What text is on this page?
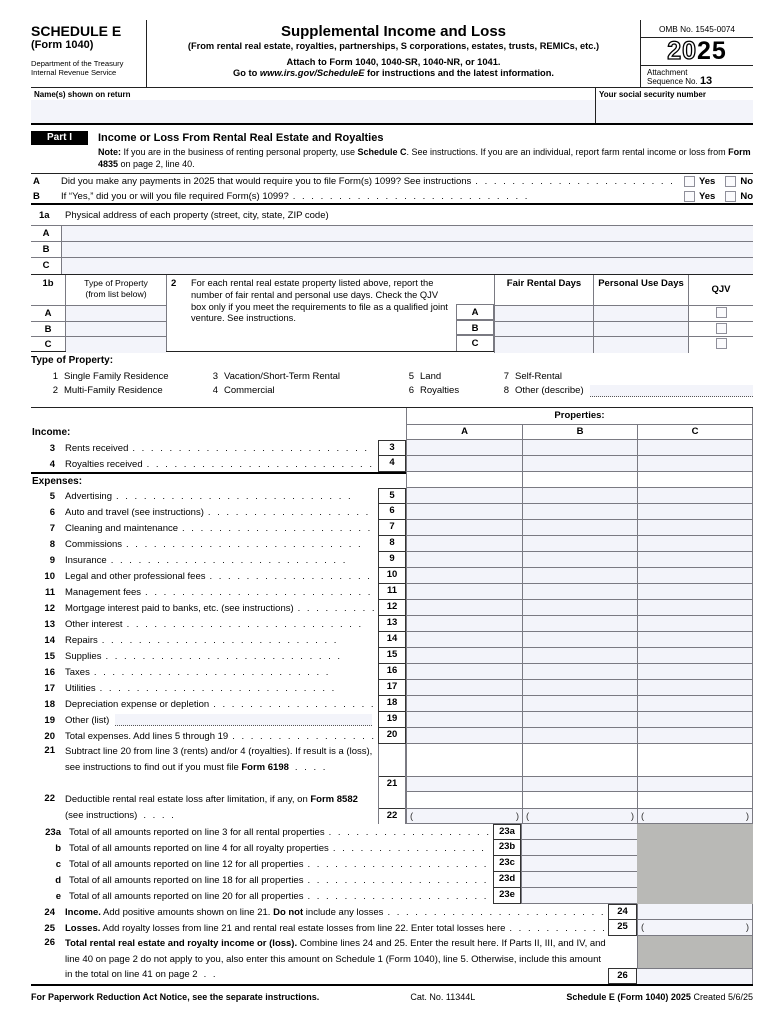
SCHEDULE E
(Form 1040)
Department of the Treasury
Internal Revenue Service
Supplemental Income and Loss
(From rental real estate, royalties, partnerships, S corporations, estates, trusts, REMICs, etc.)
Attach to Form 1040, 1040-SR, 1040-NR, or 1041.
Go to www.irs.gov/ScheduleE for instructions and the latest information.
OMB No. 1545-0074
2025
Attachment
Sequence No. 13
Name(s) shown on return	Your social security number
Part I	Income or Loss From Rental Real Estate and Royalties
Note: If you are in the business of renting personal property, use Schedule C. See instructions. If you are an individual, report farm rental income or loss from Form 4835 on page 2, line 40.
A	Did you make any payments in 2025 that would require you to file Form(s) 1099? See instructions .	Yes	No
B	If “Yes,” did you or will you file required Form(s) 1099? .	Yes	No
1a Physical address of each property (street, city, state, ZIP code)
A
B
C
1b
A
B
C
Type of Property
(from list below)
2	For each rental real estate property listed above, report the number of fair rental and personal use days. Check the QJV box only if you meet the requirements to file as a qualified joint venture. See instructions.
A
B
C
Fair Rental Days	Personal Use Days
QJV
Type of Property:
1 Single Family Residence	3 Vacation/Short-Term Rental	5 Land	7 Self-Rental
2 Multi-Family Residence	4 Commercial	6 Royalties	8 Other (describe)
Properties:
Income:	A	B	C
3 Rents received .	3
4 Royalties received .	4
Expenses:
5 Advertising .	5
6 Auto and travel (see instructions) .	6
7 Cleaning and maintenance .	7
8 Commissions .	8
9 Insurance .	9
10 Legal and other professional fees .	10
11 Management fees .	11
12 Mortgage interest paid to banks, etc. (see instructions) .	12
13 Other interest .	13
14 Repairs .	14
15 Supplies .	15
16 Taxes .	16
17 Utilities .	17
18 Depreciation expense or depletion .	18
19 Other (list)	19
20 Total expenses. Add lines 5 through 19 .	20
21 Subtract line 20 from line 3 (rents) and/or 4 (royalties). If result is a (loss), see instructions to find out if you must file Form 6198 .
21
22 Deductible rental real estate loss after limitation, if any, on Form 8582 (see instructions) .	22	(	) (	) (	)
23a Total of all amounts reported on line 3 for all rental properties .	23a
b Total of all amounts reported on line 4 for all royalty properties .	23b
c Total of all amounts reported on line 12 for all properties .	23c
d Total of all amounts reported on line 18 for all properties .	23d
e Total of all amounts reported on line 20 for all properties .	23e
24 Income. Add positive amounts shown on line 21. Do not include any losses .	24
25 Losses. Add royalty losses from line 21 and rental real estate losses from line 22. Enter total losses here .	25	(	)
26 Total rental real estate and royalty income or (loss). Combine lines 24 and 25. Enter the result here. If Parts II, III, and IV, and line 40 on page 2 do not apply to you, also enter this amount on Schedule 1 (Form 1040), line 5. Otherwise, include this amount in the total on line 41 on page 2 . .	26
For Paperwork Reduction Act Notice, see the separate instructions.	Cat. No. 11344L	Schedule E (Form 1040) 2025 Created 5/6/25
